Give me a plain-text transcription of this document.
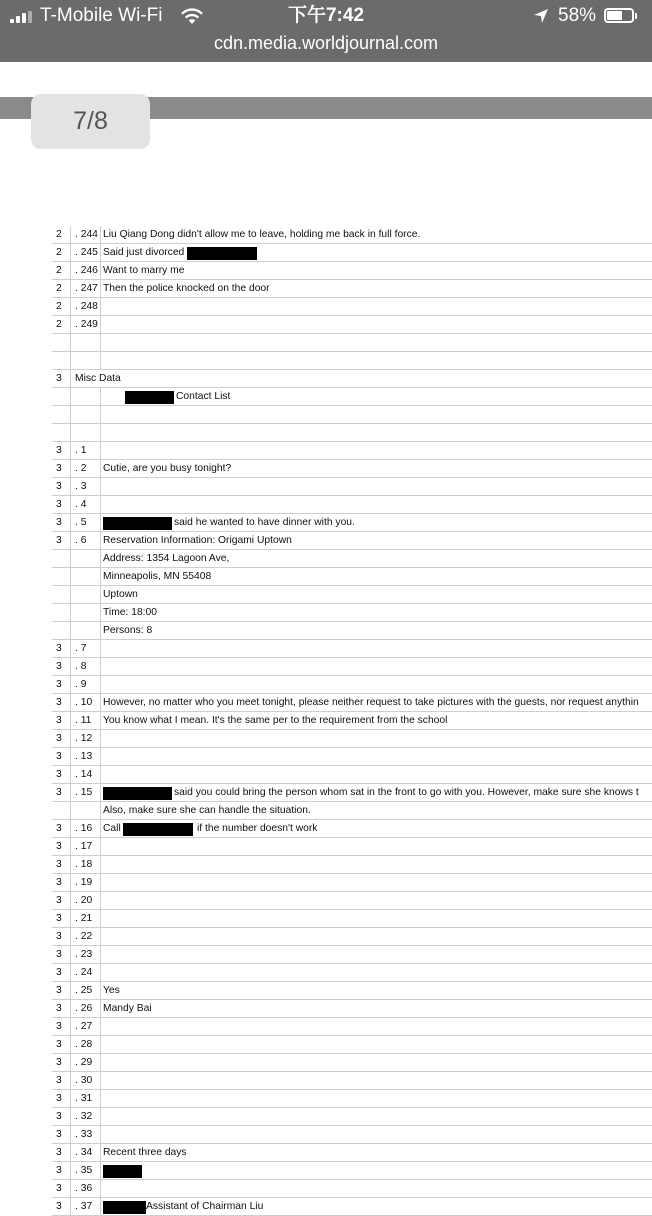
T-Mobile Wi-Fi	下午7:42	58%
cdn.media.worldjournal.com
7/8
2	. 244 Liu Qiang Dong didn't allow me to leave, holding me back in full force.
2	. 245 Said just divorced
2	. 246 Want to marry me
2	. 247 Then the police knocked on the door
2	. 248
2	. 249
3	Misc Data
Contact List
3	. 1
3	. 2	Cutie, are you busy tonight?
3	. 3
3	. 4
3	. 5	said he wanted to have dinner with you.
3	. 6	Reservation Information: Origami Uptown
Address: 1354 Lagoon Ave,
Minneapolis, MN 55408
Uptown
Time: 18:00
Persons: 8
3	. 7
3	. 8
3	. 9
3	. 10	However, no matter who you meet tonight, please neither request to take pictures with the guests, nor request anythin
3	. 11	You know what I mean. It's the same per to the requirement from the school
3	. 12
3	. 13
3	. 14
3	. 15	said you could bring the person whom sat in the front to go with you. However, make sure she knows t
Also, make sure she can handle the situation.
3	. 16	Call	if the number doesn't work
3	. 17
3	. 18
3	. 19
3	. 20
3	. 21
3	. 22
3	. 23
3	. 24
3	. 25	Yes
3	. 26	Mandy Bai
3	. 27
3	. 28
3	. 29
3	. 30
3	. 31
3	. 32
3	. 33
3	. 34	Recent three days
3	. 35
3	. 36
3	. 37	Assistant of Chairman Liu
